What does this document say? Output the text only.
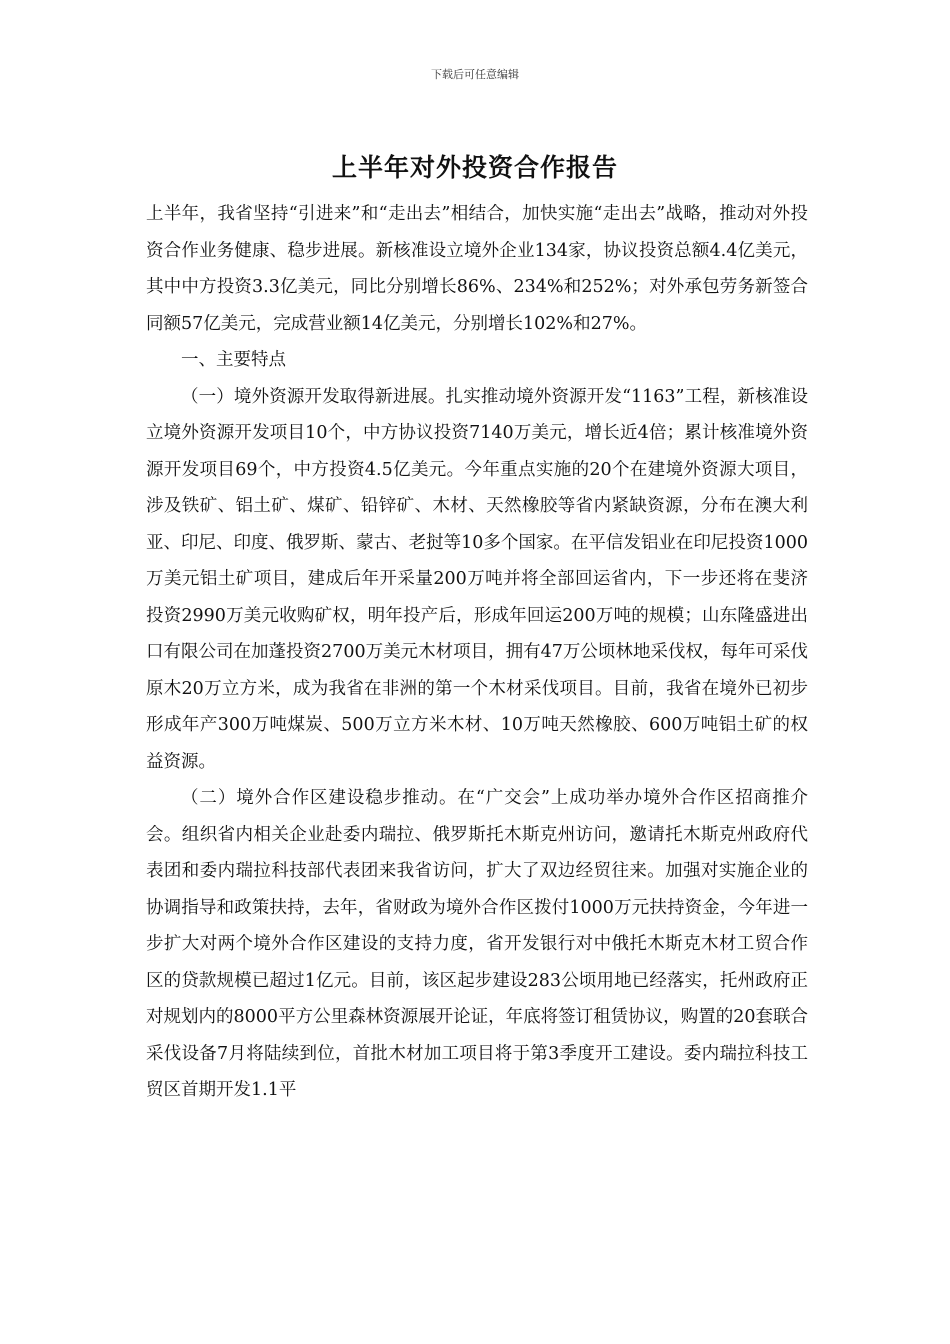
下载后可任意编辑
上半年对外投资合作报告

上半年，我省坚持“引进来”和“走出去”相结合，加快实施“走出去”战略，推动对外投资合作业务健康、稳步进展。新核准设立境外企业134家，协议投资总额4.4亿美元，其中中方投资3.3亿美元，同比分别增长86%、234%和252%；对外承包劳务新签合同额57亿美元，完成营业额14亿美元，分别增长102%和27%。

一、主要特点

（一）境外资源开发取得新进展。扎实推动境外资源开发“1163”工程，新核准设立境外资源开发项目10个，中方协议投资7140万美元，增长近4倍；累计核准境外资源开发项目69个，中方投资4.5亿美元。今年重点实施的20个在建境外资源大项目，涉及铁矿、铝土矿、煤矿、铅锌矿、木材、天然橡胶等省内紧缺资源，分布在澳大利亚、印尼、印度、俄罗斯、蒙古、老挝等10多个国家。在平信发铝业在印尼投资1000万美元铝土矿项目，建成后年开采量200万吨并将全部回运省内，下一步还将在斐济投资2990万美元收购矿权，明年投产后，形成年回运200万吨的规模；山东隆盛进出口有限公司在加蓬投资2700万美元木材项目，拥有47万公顷林地采伐权，每年可采伐原木20万立方米，成为我省在非洲的第一个木材采伐项目。目前，我省在境外已初步形成年产300万吨煤炭、500万立方米木材、10万吨天然橡胶、600万吨铝土矿的权益资源。

（二）境外合作区建设稳步推动。在“广交会”上成功举办境外合作区招商推介会。组织省内相关企业赴委内瑞拉、俄罗斯托木斯克州访问，邀请托木斯克州政府代表团和委内瑞拉科技部代表团来我省访问，扩大了双边经贸往来。加强对实施企业的协调指导和政策扶持，去年，省财政为境外合作区拨付1000万元扶持资金，今年进一步扩大对两个境外合作区建设的支持力度，省开发银行对中俄托木斯克木材工贸合作区的贷款规模已超过1亿元。目前，该区起步建设283公顷用地已经落实，托州政府正对规划内的8000平方公里森林资源展开论证，年底将签订租赁协议，购置的20套联合采伐设备7月将陆续到位，首批木材加工项目将于第3季度开工建设。委内瑞拉科技工贸区首期开发1.1平
